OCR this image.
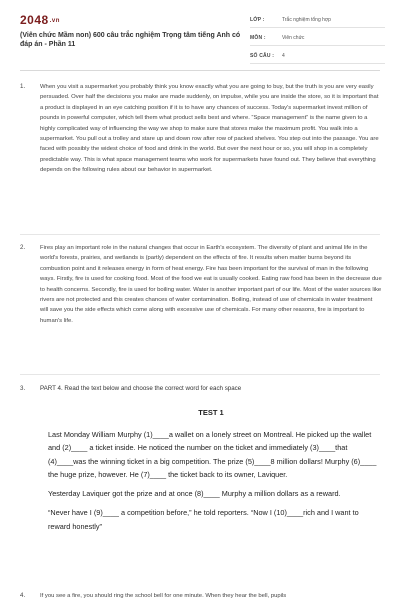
2048.vn
(Viên chức Mầm non) 600 câu trắc nghiệm Trọng tâm tiếng Anh có đáp án - Phần 11
LỚP :	Trắc nghiệm tổng hợp
MÔN :	Viên chức
SỐ CÂU :	4
1.	When you visit a supermarket you probably think you know exactly what you are going to buy, but the truth is you are very easily persuaded. Over half the decisions you make are made suddenly, on impulse, while you are inside the store, so it is important that a product is displayed in an eye catching position if it is to have any chances of success. Today's supermarket invest million of pounds in powerful computer, which tell them what product sells best and where. “Space management” is the name given to a highly complicated way of influencing the way we shop to make sure that stores make the maximum profit. You walk into a supermarket. You pull out a trolley and stare up and down row after row of packed shelves. You step out into the passage. You are faced with possibly the widest choice of food and drink in the world. But over the next hour or so, you will shop in a completely predictable way. This is what space management teams who work for supermarkets have found out. They believe that everything depends on the following rules about our behavior in supermarket.
2.	Fires play an important role in the natural changes that occur in Earth's ecosystem. The diversity of plant and animal life in the world's forests, prairies, and wetlands is (partly) dependent on the effects of fire. It results when matter burns beyond its combustion point and it releases energy in form of heat energy. Fire has been important for the survival of man in the following ways. Firstly, fire is used for cooking food. Most of the food we eat is usually cooked. Eating raw food has been in the decrease due to health concerns. Secondly, fire is used for boiling water. Water is another important part of our life. Most of the water sources like rivers are not protected and this creates chances of water contamination. Boiling, instead of use of chemicals in water treatment will save you the side effects which come along with excessive use of chemicals. For many other reasons, fire is important to human's life.
3.	PART 4. Read the text below and choose the correct word for each space
TEST 1

Last Monday William Murphy (1)____a wallet on a lonely street on Montreal. He picked up the wallet and (2)____ a ticket inside. He noticed the number on the ticket and immediately (3)____that (4)____was the winning ticket in a big competition. The prize (5)____8 million dollars! Murphy (6)____ the huge prize, however. He (7)____ the ticket back to its owner, Laviquer.

Yesterday Laviquer got the prize and at once (8)____ Murphy a million dollars as a reward.

“Never have I (9)____ a competition before,” he told reporters. “Now I (10)____rich and I want to reward honestly”

4.	If you see a fire, you should ring the school bell for one minute. When they hear the bell, pupils
